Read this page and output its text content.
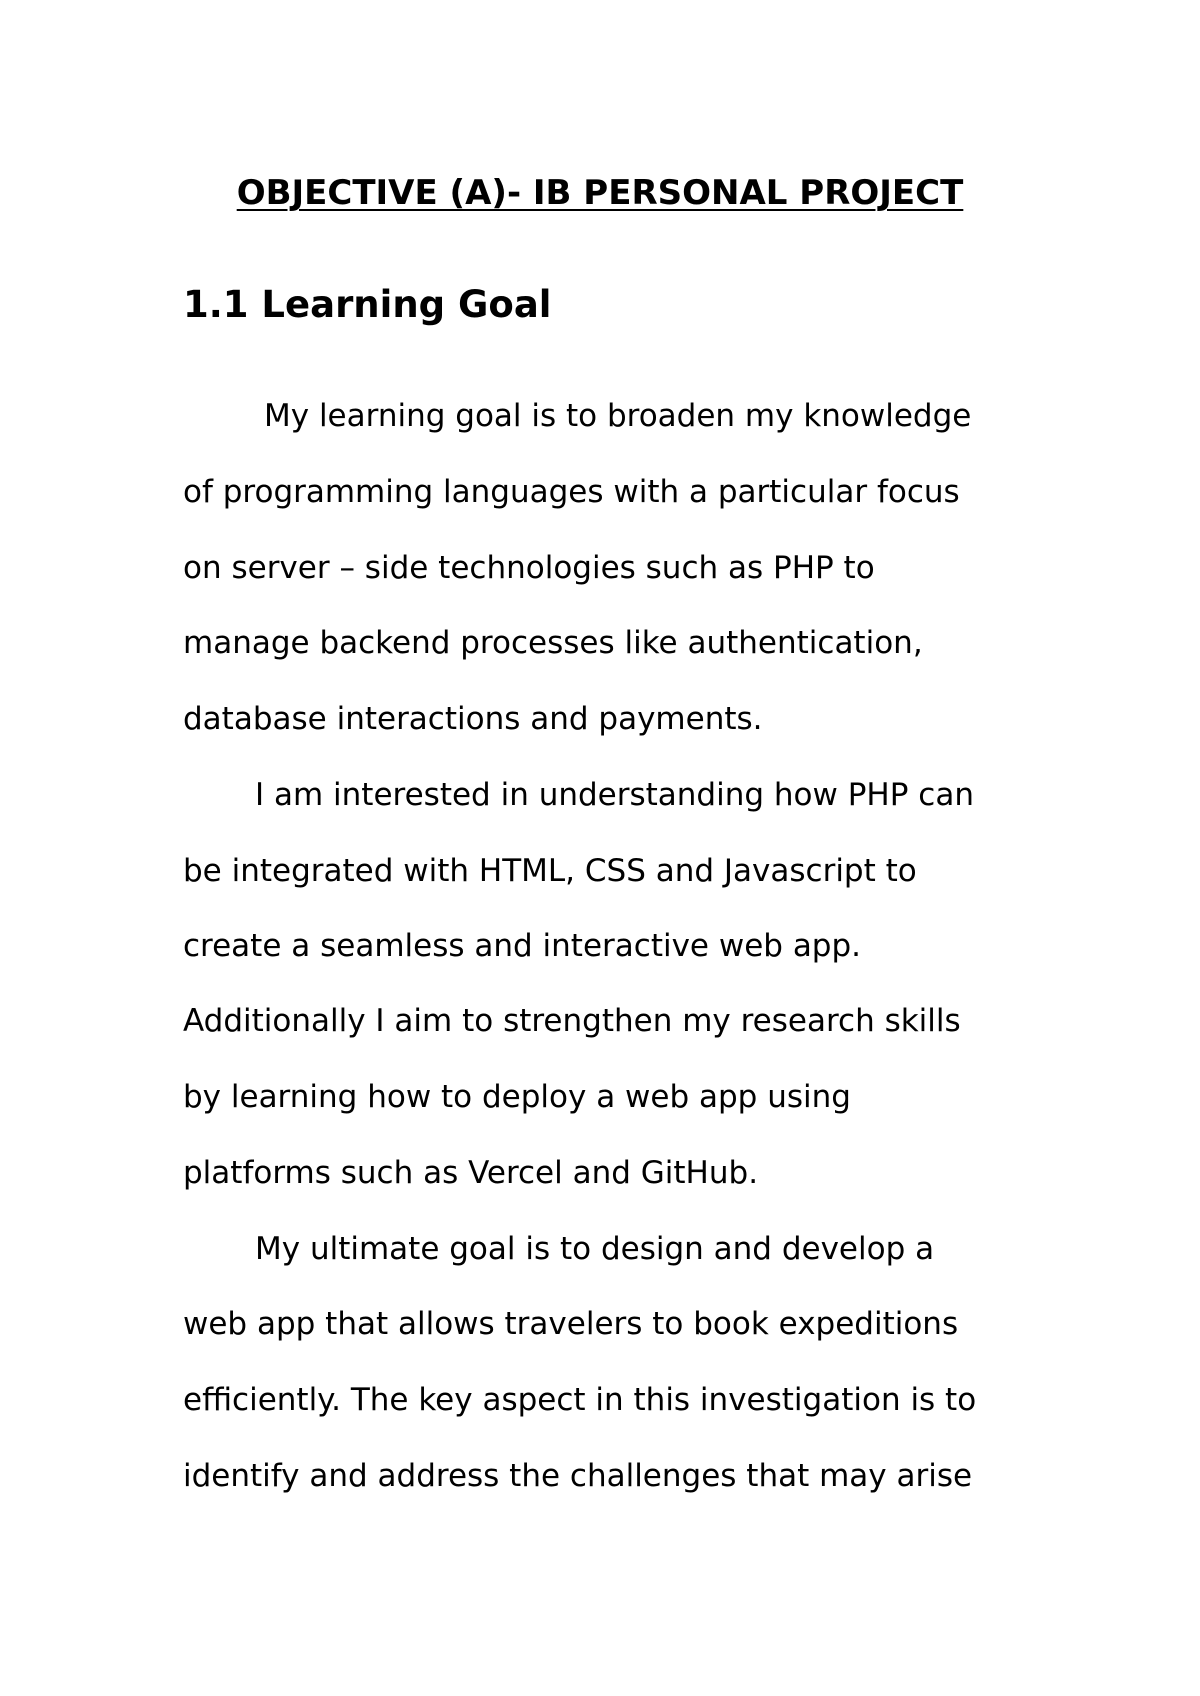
OBJECTIVE (A)- IB PERSONAL PROJECT
1.1 Learning Goal
My learning goal is to broaden my knowledge
of programming languages with a particular focus
on server – side technologies such as PHP to
manage backend processes like authentication,
database interactions and payments.
I am interested in understanding how PHP can
be integrated with HTML, CSS and Javascript to
create a seamless and interactive web app.
Additionally I aim to strengthen my research skills
by learning how to deploy a web app using
platforms such as Vercel and GitHub.
My ultimate goal is to design and develop a
web app that allows travelers to book expeditions
efficiently. The key aspect in this investigation is to
identify and address the challenges that may arise
